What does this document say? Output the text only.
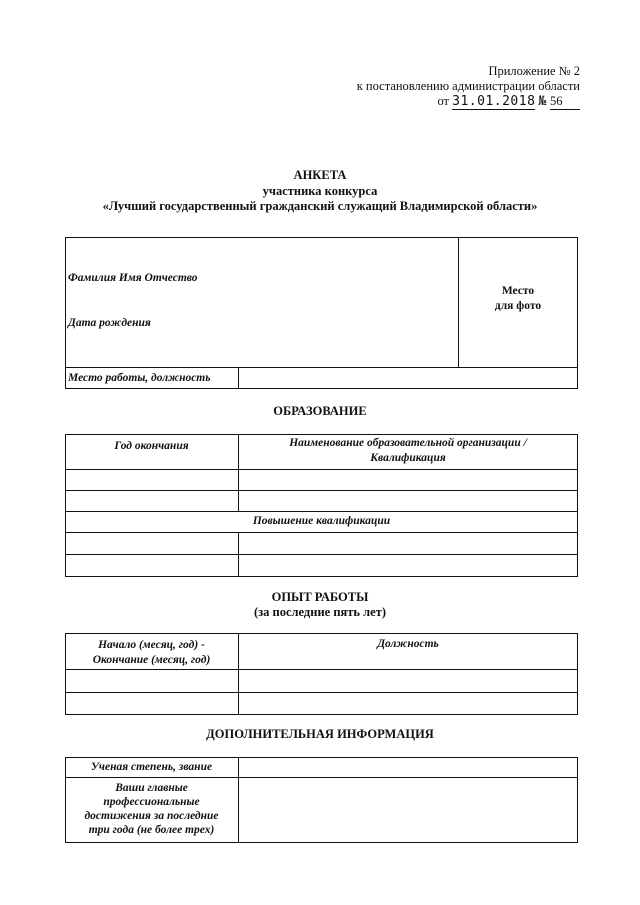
Приложение № 2
к постановлению администрации области
от 31.01.2018 № 56
АНКЕТА
участника конкурса
«Лучший государственный гражданский служащий Владимирской области»
Фамилия Имя Отчество
Дата рождения
Место
для фото
Место работы, должность
ОБРАЗОВАНИЕ
Год окончания	Наименование образовательной организации /
Квалификация
Повышение квалификации
ОПЫТ РАБОТЫ
(за последние пять лет)
Начало (месяц, год) -
Окончание (месяц, год)
Должность
ДОПОЛНИТЕЛЬНАЯ ИНФОРМАЦИЯ
Ученая степень, звание
Ваши главные
профессиональные
достижения за последние
три года (не более трех)
